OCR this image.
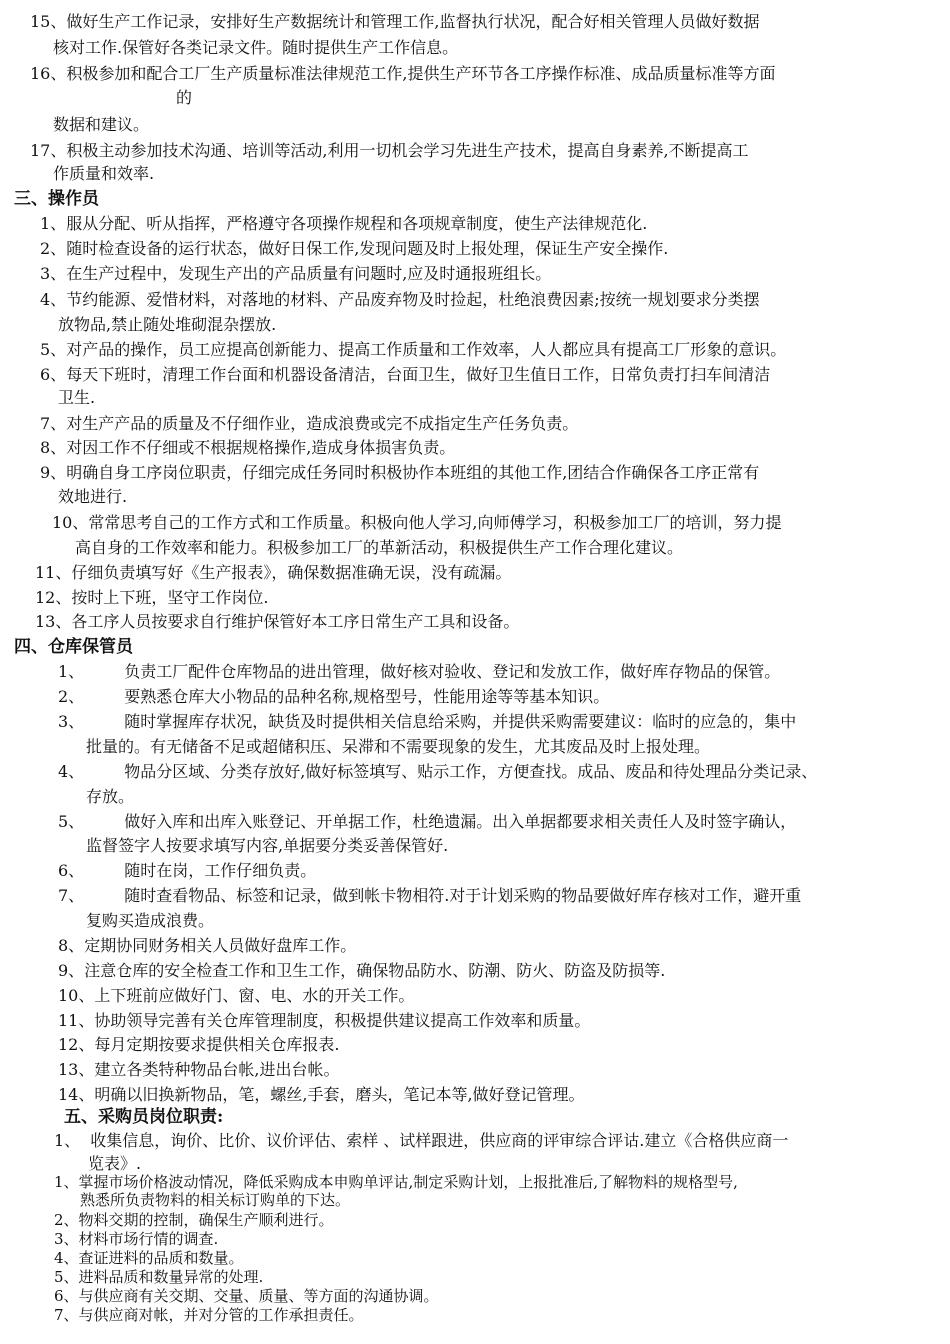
15、做好生产工作记录，安排好生产数据统计和管理工作,监督执行状况，配合好相关管理人员做好数据
核对工作.保管好各类记录文件。随时提供生产工作信息。
16、积极参加和配合工厂生产质量标准法律规范工作,提供生产环节各工序操作标准、成品质量标准等方面
的
数据和建议。
17、积极主动参加技术沟通、培训等活动,利用一切机会学习先进生产技术，提高自身素养,不断提高工
作质量和效率.
三、操作员
1、服从分配、听从指挥，严格遵守各项操作规程和各项规章制度，使生产法律规范化.
2、随时检查设备的运行状态，做好日保工作,发现问题及时上报处理，保证生产安全操作.
3、在生产过程中，发现生产出的产品质量有问题时,应及时通报班组长。
4、节约能源、爱惜材料，对落地的材料、产品废弃物及时捡起，杜绝浪费因素;按统一规划要求分类摆
放物品,禁止随处堆砌混杂摆放.
5、对产品的操作，员工应提高创新能力、提高工作质量和工作效率，人人都应具有提高工厂形象的意识。
6、每天下班时，清理工作台面和机器设备清洁，台面卫生，做好卫生值日工作，日常负责打扫车间清洁
卫生.
7、对生产产品的质量及不仔细作业，造成浪费或完不成指定生产任务负责。
8、对因工作不仔细或不根据规格操作,造成身体损害负责。
9、明确自身工序岗位职责，仔细完成任务同时积极协作本班组的其他工作,团结合作确保各工序正常有
效地进行.
10、常常思考自己的工作方式和工作质量。积极向他人学习,向师傅学习，积极参加工厂的培训，努力提
高自身的工作效率和能力。积极参加工厂的革新活动，积极提供生产工作合理化建议。
11、仔细负责填写好《生产报表》，确保数据准确无误，没有疏漏。
12、按时上下班，坚守工作岗位.
13、各工序人员按要求自行维护保管好本工序日常生产工具和设备。
四、仓库保管员
1、	负责工厂配件仓库物品的进出管理，做好核对验收、登记和发放工作，做好库存物品的保管。
2、	要熟悉仓库大小物品的品种名称,规格型号，性能用途等等基本知识。
3、	随时掌握库存状况，缺货及时提供相关信息给采购，并提供采购需要建议：临时的应急的，集中
批量的。有无储备不足或超储积压、呆滞和不需要现象的发生，尤其废品及时上报处理。
4、	物品分区域、分类存放好,做好标签填写、贴示工作，方便查找。成品、废品和待处理品分类记录、
存放。
5、	做好入库和出库入账登记、开单据工作，杜绝遗漏。出入单据都要求相关责任人及时签字确认，
监督签字人按要求填写内容,单据要分类妥善保管好.
6、	随时在岗，工作仔细负责。
7、	随时查看物品、标签和记录，做到帐卡物相符.对于计划采购的物品要做好库存核对工作，避开重
复购买造成浪费。
8、定期协同财务相关人员做好盘库工作。
9、注意仓库的安全检查工作和卫生工作，确保物品防水、防潮、防火、防盗及防损等.
10、上下班前应做好门、窗、电、水的开关工作。
11、协助领导完善有关仓库管理制度，积极提供建议提高工作效率和质量。
12、每月定期按要求提供相关仓库报表.
13、建立各类特种物品台帐,进出台帐。
14、明确以旧换新物品，笔，螺丝,手套，磨头，笔记本等,做好登记管理。
五、采购员岗位职责:
1、 收集信息，询价、比价、议价评估、索样 、试样跟进，供应商的评审综合评诂.建立《合格供应商一
览表》.
1、掌握市场价格波动情况，降低采购成本申购单评诂,制定采购计划，上报批准后,了解物料的规格型号,
熟悉所负责物料的相关标订购单的下达。
2、物料交期的控制，确保生产顺利进行。
3、材料市场行情的调查.
4、查证进料的品质和数量。
5、进料品质和数量异常的处理.
6、与供应商有关交期、交量、质量、等方面的沟通协调。
7、与供应商对帐，并对分管的工作承担责任。
